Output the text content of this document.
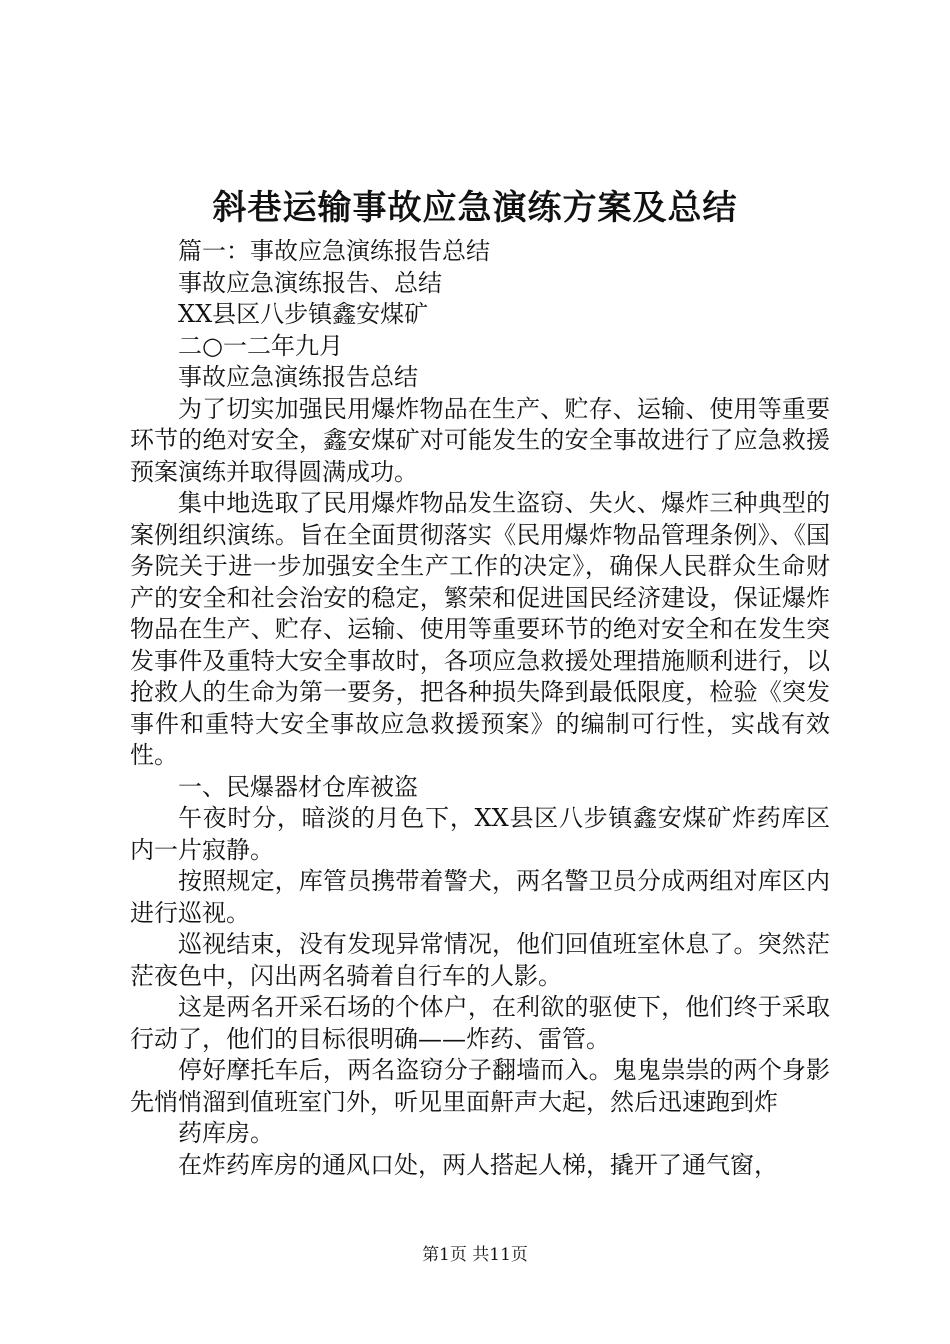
斜巷运输事故应急演练方案及总结

篇一：事故应急演练报告总结

事故应急演练报告、总结

XX县区八步镇鑫安煤矿

二○一二年九月

事故应急演练报告总结

为了切实加强民用爆炸物品在生产、贮存、运输、使用等重要环节的绝对安全，鑫安煤矿对可能发生的安全事故进行了应急救援预案演练并取得圆满成功。

集中地选取了民用爆炸物品发生盗窃、失火、爆炸三种典型的案例组织演练。旨在全面贯彻落实《民用爆炸物品管理条例》、《国务院关于进一步加强安全生产工作的决定》，确保人民群众生命财产的安全和社会治安的稳定，繁荣和促进国民经济建设，保证爆炸物品在生产、贮存、运输、使用等重要环节的绝对安全和在发生突发事件及重特大安全事故时，各项应急救援处理措施顺利进行，以抢救人的生命为第一要务，把各种损失降到最低限度，检验《突发事件和重特大安全事故应急救援预案》的编制可行性，实战有效性。

一、民爆器材仓库被盗

午夜时分，暗淡的月色下，XX县区八步镇鑫安煤矿炸药库区内一片寂静。

按照规定，库管员携带着警犬，两名警卫员分成两组对库区内进行巡视。

巡视结束，没有发现异常情况，他们回值班室休息了。突然茫茫夜色中，闪出两名骑着自行车的人影。

这是两名开采石场的个体户，在利欲的驱使下，他们终于采取行动了，他们的目标很明确——炸药、雷管。

停好摩托车后，两名盗窃分子翻墙而入。鬼鬼祟祟的两个身影先悄悄溜到值班室门外，听见里面鼾声大起，然后迅速跑到炸

药库房。

在炸药库房的通风口处，两人搭起人梯，撬开了通气窗，

第1页 共11页
